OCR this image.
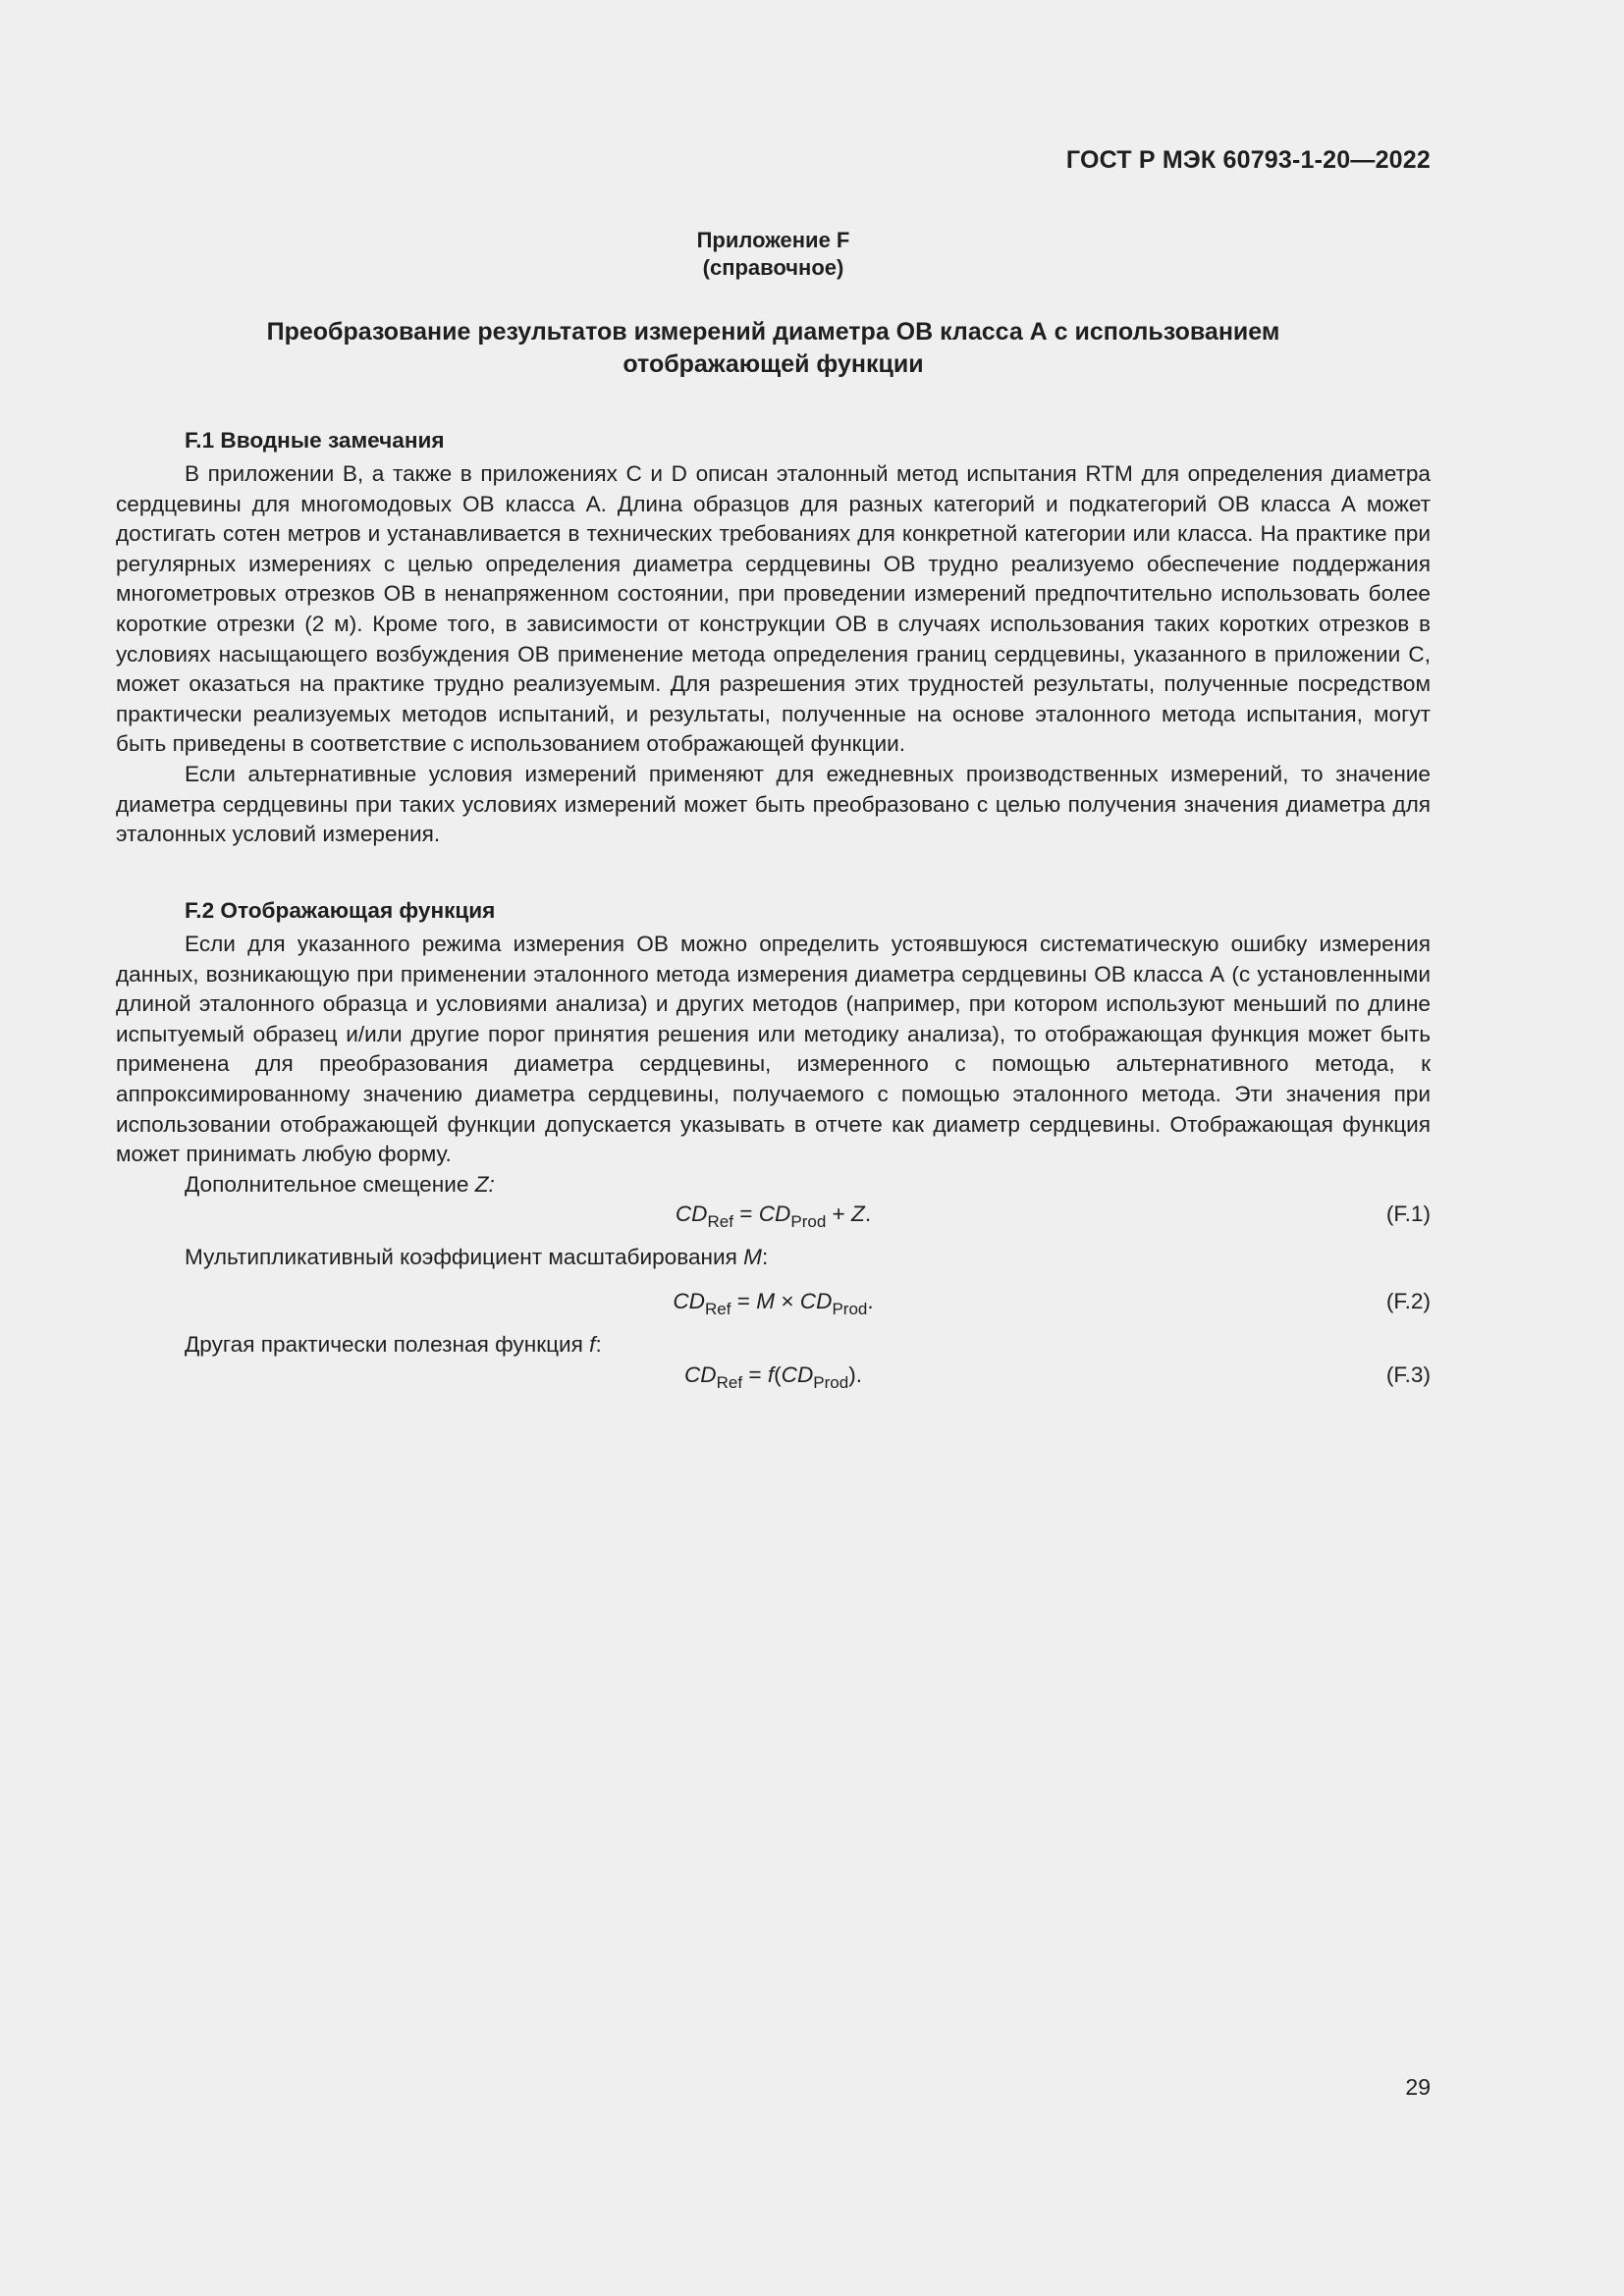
ГОСТ Р МЭК 60793-1-20—2022
Приложение F
(справочное)
Преобразование результатов измерений диаметра ОВ класса А с использованием
отображающей функции
F.1 Вводные замечания

В приложении В, а также в приложениях С и D описан эталонный метод испытания RTM для определения диаметра сердцевины для многомодовых ОВ класса А. Длина образцов для разных категорий и подкатегорий ОВ класса А может достигать сотен метров и устанавливается в технических требованиях для конкретной категории или класса. На практике при регулярных измерениях с целью определения диаметра сердцевины ОВ трудно реализуемо обеспечение поддержания многометровых отрезков ОВ в ненапряженном состоянии, при проведении измерений предпочтительно использовать более короткие отрезки (2 м). Кроме того, в зависимости от конструкции ОВ в случаях использования таких коротких отрезков в условиях насыщающего возбуждения ОВ применение метода определения границ сердцевины, указанного в приложении С, может оказаться на практике трудно реализуемым. Для разрешения этих трудностей результаты, полученные посредством практически реализуемых методов испытаний, и результаты, полученные на основе эталонного метода испытания, могут быть приведены в соответствие с использованием отображающей функции.

Если альтернативные условия измерений применяют для ежедневных производственных измерений, то значение диаметра сердцевины при таких условиях измерений может быть преобразовано с целью получения значения диаметра для эталонных условий измерения.

F.2 Отображающая функция

Если для указанного режима измерения ОВ можно определить устоявшуюся систематическую ошибку измерения данных, возникающую при применении эталонного метода измерения диаметра сердцевины ОВ класса А (с установленными длиной эталонного образца и условиями анализа) и других методов (например, при котором используют меньший по длине испытуемый образец и/или другие порог принятия решения или методику анализа), то отображающая функция может быть применена для преобразования диаметра сердцевины, измеренного с помощью альтернативного метода, к аппроксимированному значению диаметра сердцевины, получаемого с помощью эталонного метода. Эти значения при использовании отображающей функции допускается указывать в отчете как диаметр сердцевины. Отображающая функция может принимать любую форму.

Дополнительное смещение Z:

$CD_{Ref} = CD_{Prod} + Z$.	(F.1)

Мультипликативный коэффициент масштабирования M:

$CD_{Ref} = M \times CD_{Prod}$.	(F.2)

Другая практически полезная функция f:

$CD_{Ref} = f(CD_{Prod})$.	(F.3)
29
